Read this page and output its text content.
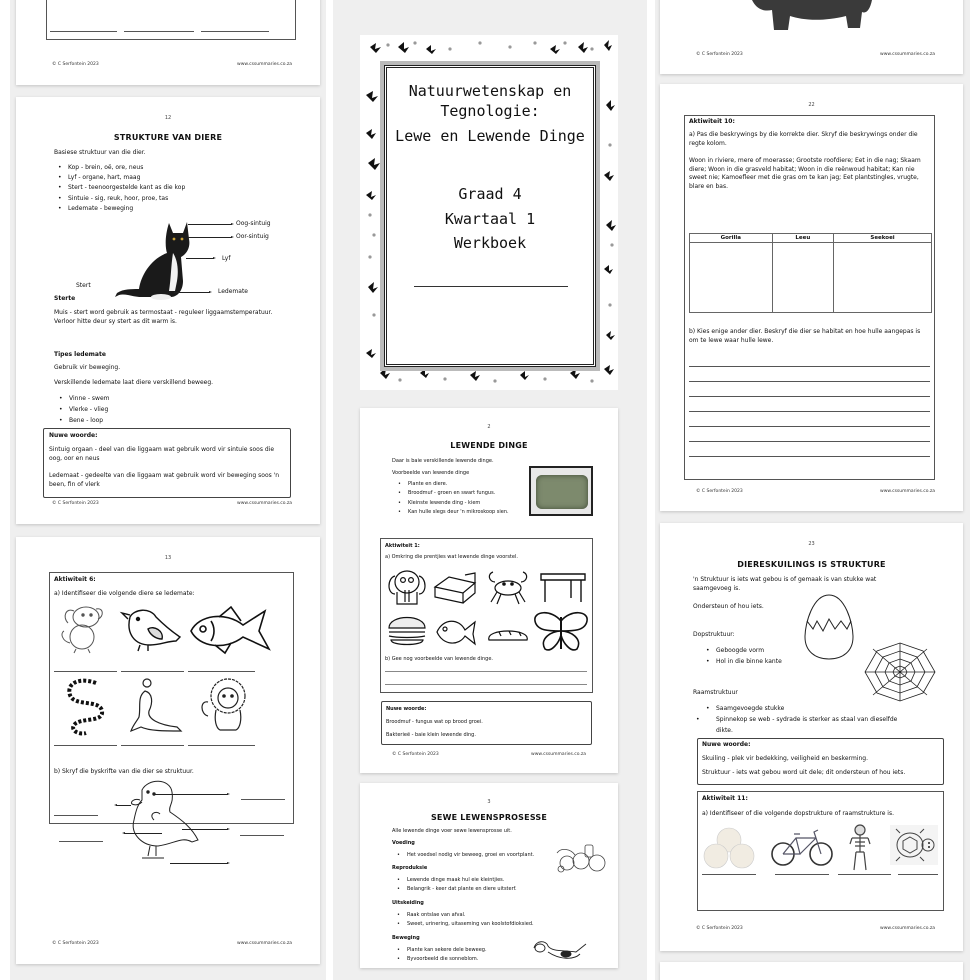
© C Serfontein 2023	www.cssummaries.co.za
12
STRUKTURE VAN DIERE
Basiese struktuur van die dier.
• Kop - brein, oë, ore, neus
• Lyf - organe, hart, maag
• Stert - teenoorgestelde kant as die kop
• Sintuie - sig, reuk, hoor, proe, tas
• Ledemate - beweging
Oog-sintuig
Oor-sintuig
Lyf
Stert
Ledemate
Sterte
Muis - stert word gebruik as termostaat - reguleer liggaamstemperatuur. Verloor hitte deur sy stert as dit warm is.
Tipes ledemate
Gebruik vir beweging.
Verskillende ledemate laat diere verskillend beweeg.
• Vinne - swem
• Vlerke - vlieg
• Bene - loop
Nuwe woorde:
Sintuig orgaan - deel van die liggaam wat gebruik word vir sintuie soos die oog, oor en neus
Ledemaat - gedeelte van die liggaam wat gebruik word vir beweging soos 'n been, fin of vlerk
© C Serfontein 2023	www.cssummaries.co.za
13
Aktiwiteit 6:
a) Identifiseer die volgende diere se ledemate:
b) Skryf die byskrifte van die dier se struktuur.
© C Serfontein 2023	www.cssummaries.co.za
Natuurwetenskap en
Tegnologie:
Lewe en Lewende Dinge
Graad 4
Kwartaal 1
Werkboek
2
LEWENDE DINGE
Daar is baie verskillende lewende dinge.
Voorbeelde van lewende dinge
• Plante en diere.
• Broodmuf - groen en swart fungus.
• Kleinste lewende ding - kiem
• Kan hulle slegs deur 'n mikroskoop sien.
Aktiwiteit 1:
a) Omkring die prentjies wat lewende dinge voorstel.
b) Gee nog voorbeelde van lewende dinge.
Nuwe woorde:
Broodmuf - fungus wat op brood groei.
Bakterieë - baie klein lewende ding.
© C Serfontein 2023	www.cssummaries.co.za
3
SEWE LEWENSPROSESSE
Alle lewende dinge voer sewe lewensprosse uit.
Voeding
• Het voedsel nodig vir beweeg, groei en voortplant.
Reproduksie
• Lewende dinge maak hul eie kleintjies.
• Belangrik - keer dat plante en diere uitsterf.
Uitskeiding
• Raak ontslae van afval.
• Sweet, urinering, uitaseming van koolstofdioksied.
Beweging
• Plante kan sekere dele beweeg.
• Byvoorbeeld die sonneblom.
© C Serfontein 2023	www.cssummaries.co.za
22
Aktiwiteit 10:
a) Pas die beskrywings by die korrekte dier. Skryf die beskrywings onder die regte kolom.
Woon in riviere, mere of moerasse; Grootste roofdiere; Eet in die nag; Skaam diere; Woon in die grasveld habitat; Woon in die reënwoud habitat; Kan nie sweet nie; Kamoefleer met die gras om te kan jag; Eet plantstingles, vrugte, blare en bas.
Gorilla	Leeu	Seekoei

b) Kies enige ander dier. Beskryf die dier se habitat en hoe hulle aangepas is om te lewe waar hulle lewe.
© C Serfontein 2023	www.cssummaries.co.za
23
DIERESKUILINGS IS STRUKTURE
'n Struktuur is iets wat gebou is of gemaak is van stukke wat saamgevoeg is.
Ondersteun of hou iets.
Dopstruktuur:
• Geboogde vorm
• Hol in die binne kante
Raamstruktuur
• Saamgevoegde stukke
• Spinnekop se web - sydrade is sterker as staal van dieselfde dikte.
Nuwe woorde:
Skuiling - plek vir bedekking, veiligheid en beskerming.
Struktuur - iets wat gebou word uit dele; dit ondersteun of hou iets.
Aktiwiteit 11:
a) Identifiseer of die volgende dopstrukture of raamstrukture is.
© C Serfontein 2023	www.cssummaries.co.za
